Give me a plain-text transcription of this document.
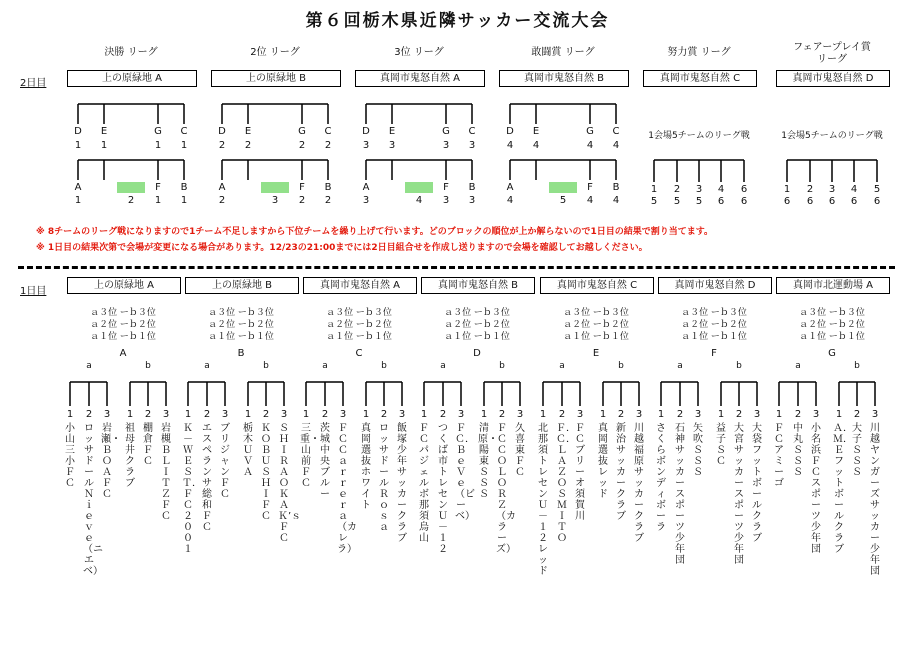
第６回栃木県近隣サッカー交流大会
2日目
1日目
※ 8チームのリーグ戦になりますので1チーム不足しますから下位チームを繰り上げて行います。どのブロックの順位が上か解らないので1日目の結果で割り当てます。
※ 1日目の結果次第で会場が変更になる場合があります。12/23の21:00までには2日目組合せを作成し送りますので会場を確認してお越しください。
決勝 リーグ
上の原緑地 A
D
1
E
1
G
1
C
1
A
1	2
F
1
B
1
2位 リーグ
上の原緑地 B
D
2
E
2
G
2
C
2
A
2	3
F
2
B
2
3位 リーグ
真岡市鬼怒自然 A
D
3
E
3
G
3
C
3
A
3	4
F
3
B
3
敢闘賞 リーグ
真岡市鬼怒自然 B
D
4
E
4
G
4
C
4
A
4	5
F
4
B
4
努力賞 リーグ
真岡市鬼怒自然 C
1会場5チームのリーグ戦
1
5
2
5
3
5
4
6
6
6
フェアープレイ賞
リーグ
真岡市鬼怒自然 D
1会場5チームのリーグ戦
1
6
2
6
3
6
4
6
5
6
上の原緑地 A
ａ３位 ーｂ３位
ａ２位 ーｂ２位
ａ１位 ーｂ１位
A
a	b
1
小山三小ＦＣ
2
ロッサドール　Ｎｉｅｖｅ（ニエベ）
3
岩瀬・ＢＯＡ　ＦＣ
1
祖母井クラブ
2
棚倉ＦＣ
3
岩槻　ＢＬＩＴＺ　ＦＣ
上の原緑地 B
ａ３位 ーｂ３位
ａ２位 ーｂ２位
ａ１位 ーｂ１位
B
a	b
1
Ｋ－ＷＥＳＴ．ＦＣ２００１
2
エスペランサ総和ＦＣ
3
ブリジャンＦＣ
1
栃木ＵＶＡ
2
ＫＯＢＵＳＨＩ　ＦＣ
3
ＳＨＩＲＡＯＫＡ Ｋ’ｓ ＦＣ
真岡市鬼怒自然 A
ａ３位 ーｂ３位
ａ２位 ーｂ２位
ａ１位 ーｂ１位
C
a	b
1
三重・山前ＦＣ
2
茨城中央　ブルー
3
ＦＣ　Ｃａｒｒｅｒａ（カレラ）
1
真岡選抜ホワイト
2
ロッサドール　Ｒｏｓａ
3
飯塚少年サッカークラブ
真岡市鬼怒自然 B
ａ３位 ーｂ３位
ａ２位 ーｂ２位
ａ１位 ーｂ１位
D
a	b
1
ＦＣパジェルボ那須烏山
2
つくば市トレセンＵ－１２
3
ＦＣ．ＢｅＶｅ（ビーベ）
1
清原・陽東ＳＳＳ
2
ＦＣ　ＣＯＬＯＲＺ（カラーズ）
3
久喜東ＦＣ
真岡市鬼怒自然 C
ａ３位 ーｂ３位
ａ２位 ーｂ２位
ａ１位 ーｂ１位
E
a	b
1
北那須トレセンＵ－１２　レッド
2
Ｆ．Ｃ．ＬＡＺＯＳ　ＭＩＴＯ
3
ＦＣブリーオ須賀川
1
真岡選抜レッド
2
新治サッカークラブ
3
川越福原サッカークラブ
真岡市鬼怒自然 D
ａ３位 ーｂ３位
ａ２位 ーｂ２位
ａ１位 ーｂ１位
F
a	b
1
さくらボンディボーラ
2
石神サッカースポーツ少年団
3
矢吹ＳＳＳ
1
益子ＳＣ
2
大宮サッカースポーツ少年団
3
大袋フットボールクラブ
真岡市北運動場 A
ａ３位 ーｂ３位
ａ２位 ーｂ２位
ａ１位 ーｂ１位
G
a	b
1
ＦＣ　アミーゴ
2
中丸ＳＳＳ
3
小名浜ＦＣスポーツ少年団
1
Ａ．Ｍ．Ｅフットボールクラブ
2
大子ＳＳＳ
3
川越ヤンガーズサッカー少年団
